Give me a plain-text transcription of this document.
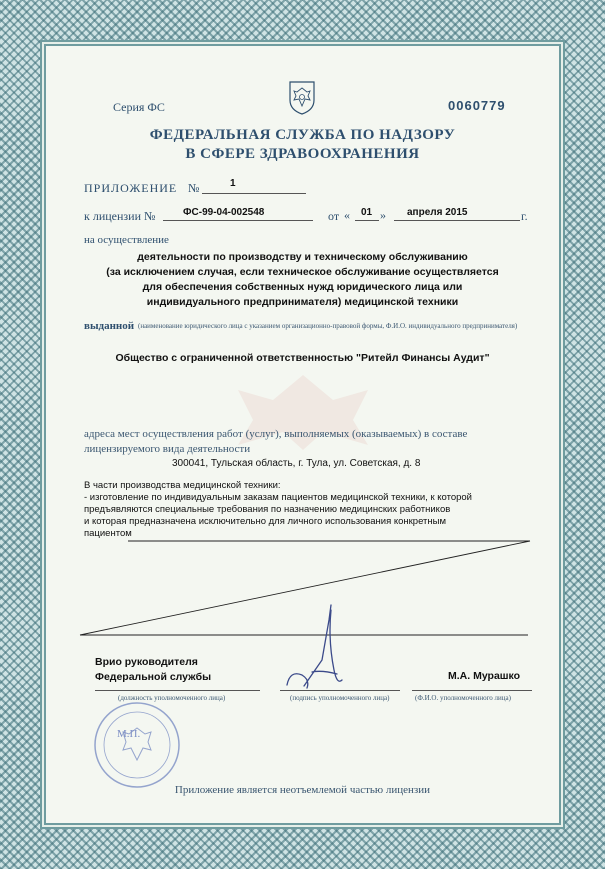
Серия ФС	0060779
ФЕДЕРАЛЬНАЯ СЛУЖБА ПО НАДЗОРУ
В СФЕРЕ ЗДРАВООХРАНЕНИЯ
ПРИЛОЖЕНИЕ №	1
к лицензии №	ФС-99-04-002548	от « 01 » апреля 2015	г.
на осуществление
деятельности по производству и техническому обслуживанию
(за исключением случая, если техническое обслуживание осуществляется
для обеспечения собственных нужд юридического лица или
индивидуального предпринимателя) медицинской техники
выданной (наименование юридического лица с указанием организационно-правовой формы, Ф.И.О. индивидуального предпринимателя)
Общество с ограниченной ответственностью "Ритейл Финансы Аудит"
адреса мест осуществления работ (услуг), выполняемых (оказываемых) в составе
лицензируемого вида деятельности
300041, Тульская область, г. Тула, ул. Советская, д. 8
В части производства медицинской техники:
- изготовление по индивидуальным заказам пациентов медицинской техники, к которой
предъявляются специальные требования по назначению медицинских работников
и которая предназначена исключительно для личного использования конкретным
пациентом
Врио руководителя
Федеральной службы	М.А. Мурашко
(должность уполномоченного лица)	(подпись уполномоченного лица)	(Ф.И.О. уполномоченного лица)
М.П.
Приложение является неотъемлемой частью лицензии
